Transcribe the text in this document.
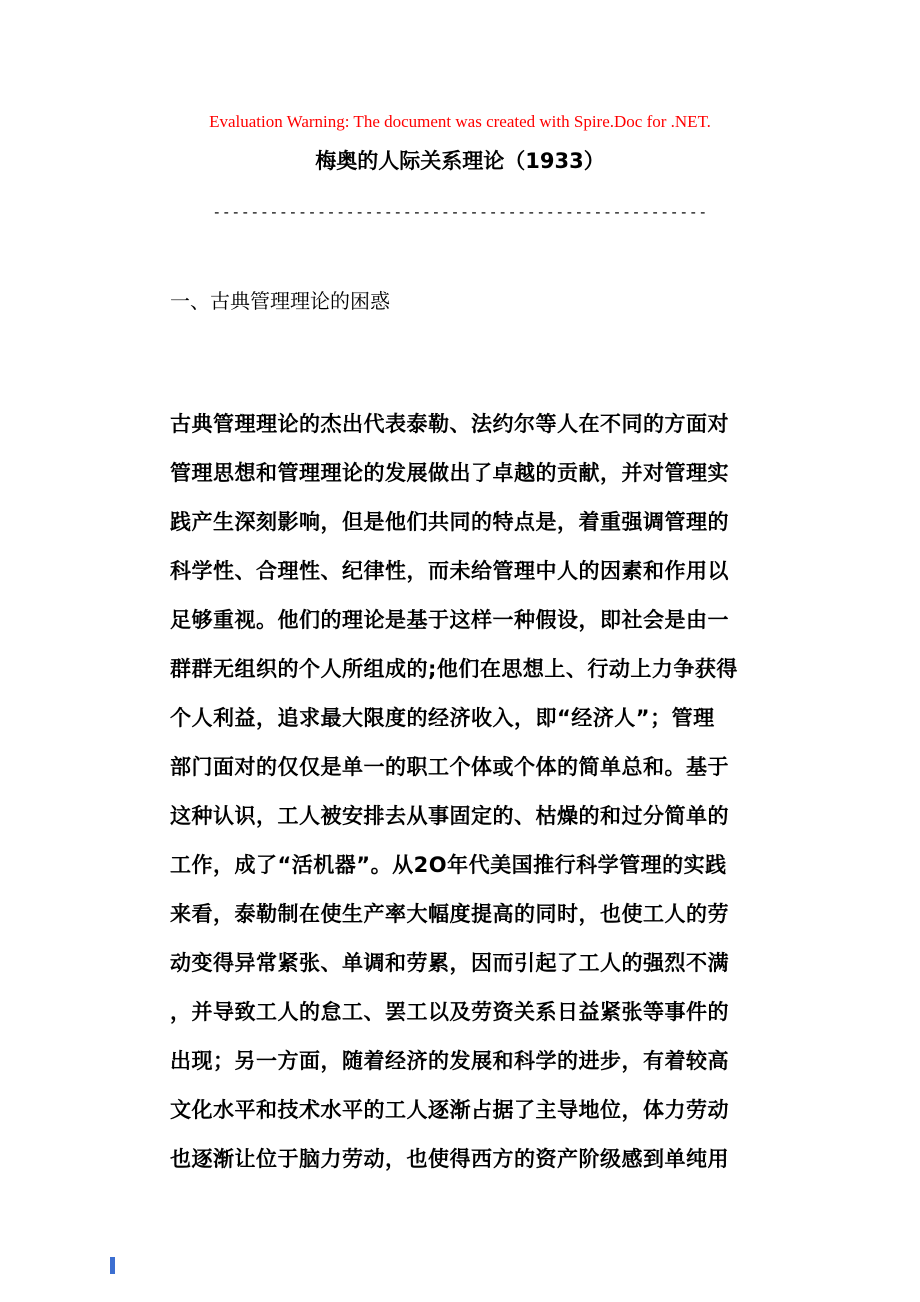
Evaluation Warning: The document was created with Spire.Doc for .NET.
梅奥的人际关系理论（1933）
----------------------------------------------------
一、古典管理理论的困惑
古典管理理论的杰出代表泰勒、法约尔等人在不同的方面对
管理思想和管理理论的发展做出了卓越的贡献，并对管理实
践产生深刻影响，但是他们共同的特点是，着重强调管理的
科学性、合理性、纪律性，而未给管理中人的因素和作用以
足够重视。他们的理论是基于这样一种假设，即社会是由一
群群无组织的个人所组成的;他们在思想上、行动上力争获得
个人利益，追求最大限度的经济收入，即“经济人”；管理
部门面对的仅仅是单一的职工个体或个体的简单总和。基于
这种认识，工人被安排去从事固定的、枯燥的和过分简单的
工作，成了“活机器”。从2O年代美国推行科学管理的实践
来看，泰勒制在使生产率大幅度提高的同时，也使工人的劳
动变得异常紧张、单调和劳累，因而引起了工人的强烈不满
，并导致工人的怠工、罢工以及劳资关系日益紧张等事件的
出现；另一方面，随着经济的发展和科学的进步，有着较高
文化水平和技术水平的工人逐渐占据了主导地位，体力劳动
也逐渐让位于脑力劳动，也使得西方的资产阶级感到单纯用
